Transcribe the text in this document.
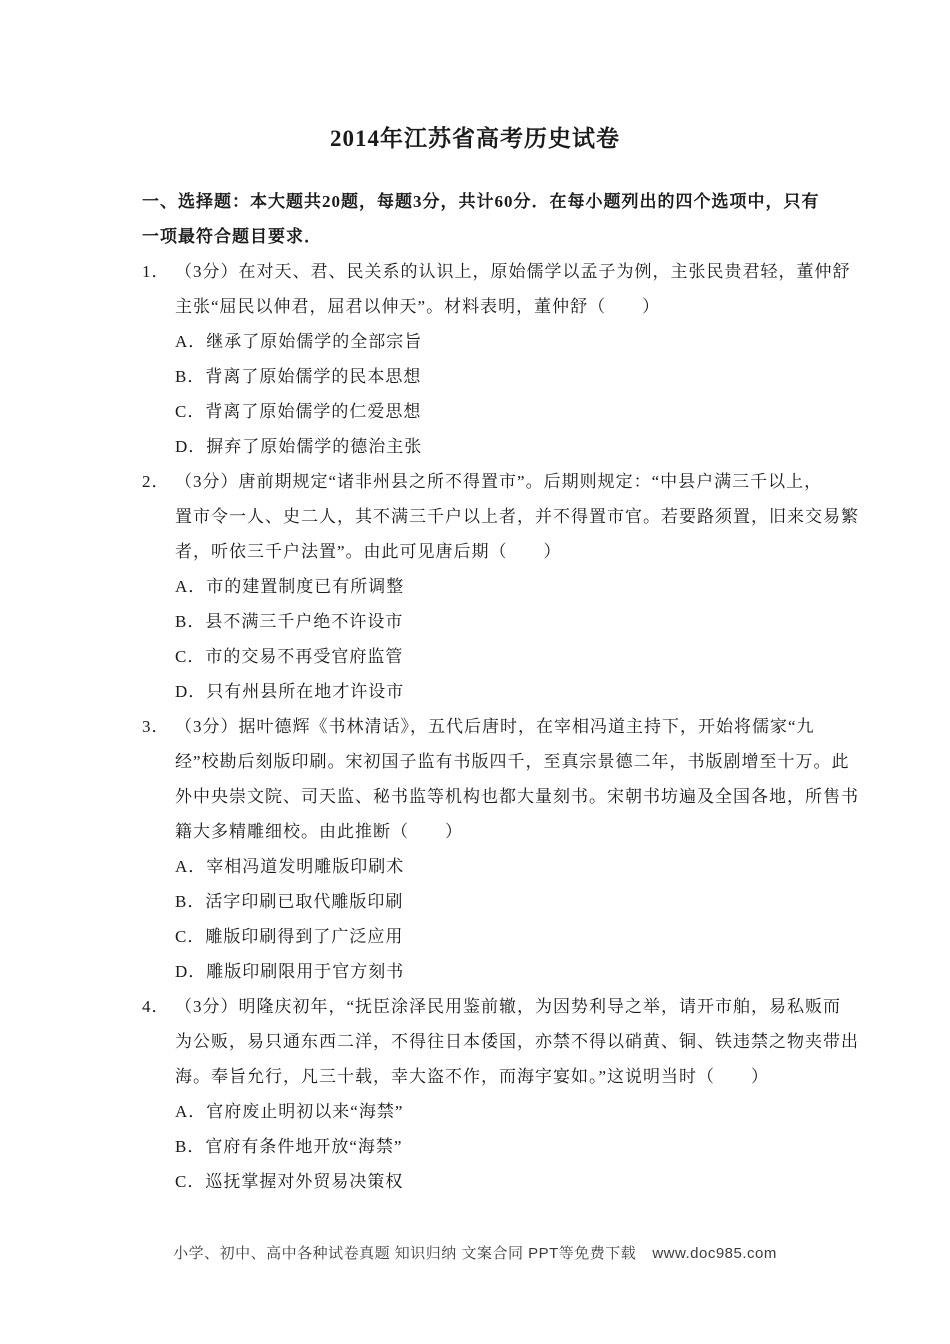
2014年江苏省高考历史试卷
一、选择题：本大题共20题，每题3分，共计60分．在每小题列出的四个选项中，只有
一项最符合题目要求．
1． （3分）在对天、君、民关系的认识上，原始儒学以孟子为例，主张民贵君轻，董仲舒
主张“屈民以伸君，屈君以伸天”。材料表明，董仲舒（　　）
A．继承了原始儒学的全部宗旨
B．背离了原始儒学的民本思想
C．背离了原始儒学的仁爱思想
D．摒弃了原始儒学的德治主张
2． （3分）唐前期规定“诸非州县之所不得置市”。后期则规定：“中县户满三千以上，
置市令一人、史二人，其不满三千户以上者，并不得置市官。若要路须置，旧来交易繁
者，听依三千户法置”。由此可见唐后期（　　）
A．市的建置制度已有所调整
B．县不满三千户绝不许设市
C．市的交易不再受官府监管
D．只有州县所在地才许设市
3． （3分）据叶德辉《书林清话》，五代后唐时，在宰相冯道主持下，开始将儒家“九
经”校勘后刻版印刷。宋初国子监有书版四千，至真宗景德二年，书版剧增至十万。此
外中央崇文院、司天监、秘书监等机构也都大量刻书。宋朝书坊遍及全国各地，所售书
籍大多精雕细校。由此推断（　　）
A．宰相冯道发明雕版印刷术
B．活字印刷已取代雕版印刷
C．雕版印刷得到了广泛应用
D．雕版印刷限用于官方刻书
4． （3分）明隆庆初年，“抚臣涂泽民用鉴前辙，为因势利导之举，请开市舶，易私贩而
为公贩，易只通东西二洋，不得往日本倭国，亦禁不得以硝黄、铜、铁违禁之物夹带出
海。奉旨允行，凡三十载，幸大盗不作，而海宇宴如。”这说明当时（　　）
A．官府废止明初以来“海禁”
B．官府有条件地开放“海禁”
C．巡抚掌握对外贸易决策权
小学、初中、高中各种试卷真题 知识归纳 文案合同 PPT等免费下载 www.doc985.com
